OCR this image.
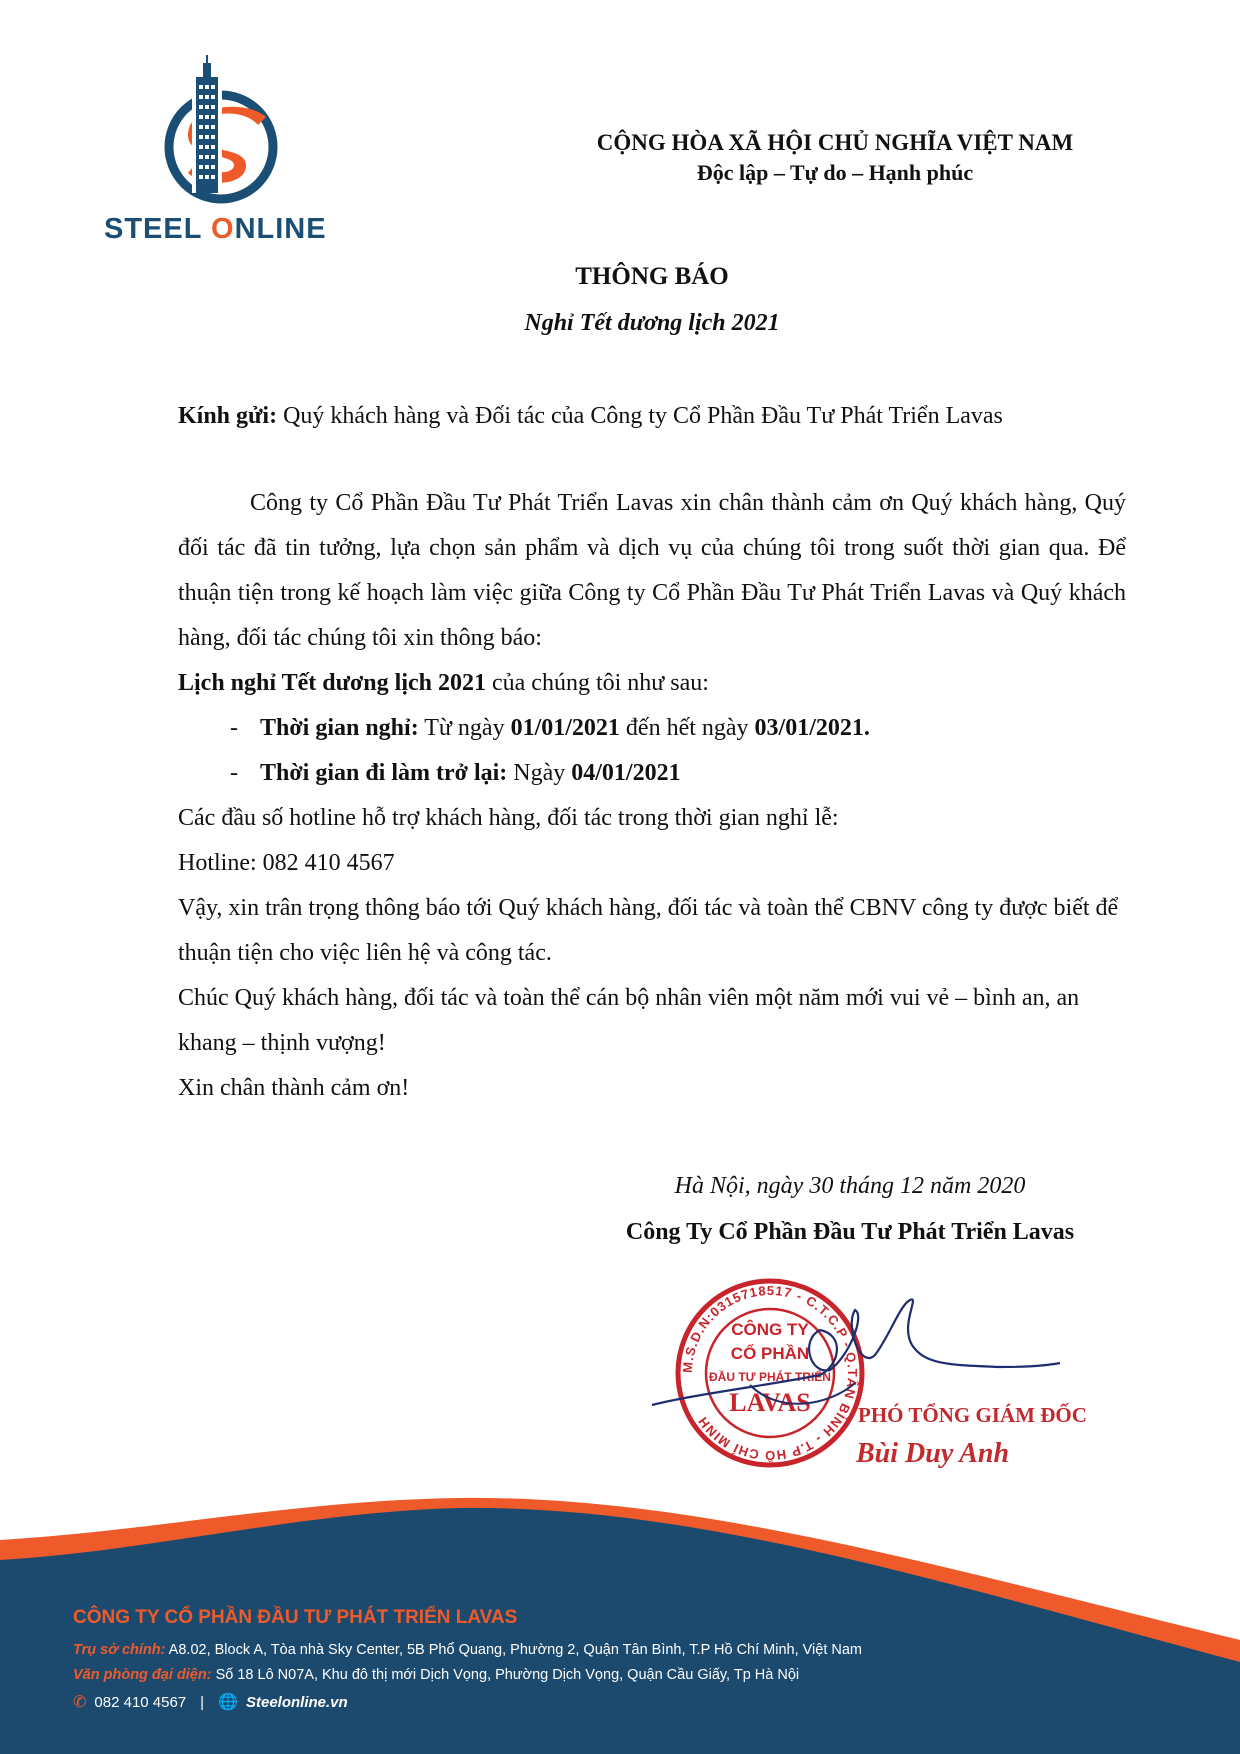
STEEL ONLINE
CỘNG HÒA XÃ HỘI CHỦ NGHĨA VIỆT NAM
Độc lập – Tự do – Hạnh phúc
THÔNG BÁO
Nghỉ Tết dương lịch 2021

Kính gửi: Quý khách hàng và Đối tác của Công ty Cổ Phần Đầu Tư Phát Triển Lavas

Công ty Cổ Phần Đầu Tư Phát Triển Lavas xin chân thành cảm ơn Quý khách hàng, Quý đối tác đã tin tưởng, lựa chọn sản phẩm và dịch vụ của chúng tôi trong suốt thời gian qua. Để thuận tiện trong kế hoạch làm việc giữa Công ty Cổ Phần Đầu Tư Phát Triển Lavas và Quý khách hàng, đối tác chúng tôi xin thông báo:

Lịch nghỉ Tết dương lịch 2021 của chúng tôi như sau:

- Thời gian nghỉ: Từ ngày 01/01/2021 đến hết ngày 03/01/2021.

- Thời gian đi làm trở lại: Ngày 04/01/2021

Các đầu số hotline hỗ trợ khách hàng, đối tác trong thời gian nghỉ lễ:

Hotline: 082 410 4567

Vậy, xin trân trọng thông báo tới Quý khách hàng, đối tác và toàn thể CBNV công ty được biết để thuận tiện cho việc liên hệ và công tác.

Chúc Quý khách hàng, đối tác và toàn thể cán bộ nhân viên một năm mới vui vẻ – bình an, an khang – thịnh vượng!

Xin chân thành cảm ơn!

Hà Nội, ngày 30 tháng 12 năm 2020
Công Ty Cổ Phần Đầu Tư Phát Triển Lavas
M.S.D.N:0315718517 - C.T.C.P - Q.TÂN BÌNH - T.P HỒ CHÍ MINH
CÔNG TY
CỔ PHẦN
ĐẦU TƯ PHÁT TRIỂN
LAVAS PHÓ TỔNG GIÁM ĐỐC
Bùi Duy Anh
CÔNG TY CỔ PHẦN ĐẦU TƯ PHÁT TRIỂN LAVAS
Trụ sở chính: A8.02, Block A, Tòa nhà Sky Center, 5B Phổ Quang, Phường 2, Quận Tân Bình, T.P Hồ Chí Minh, Việt Nam
Văn phòng đại diện: Số 18 Lô N07A, Khu đô thị mới Dịch Vọng, Phường Dịch Vọng, Quận Cầu Giấy, Tp Hà Nội
✆ 082 410 4567 | 🌐 Steelonline.vn
